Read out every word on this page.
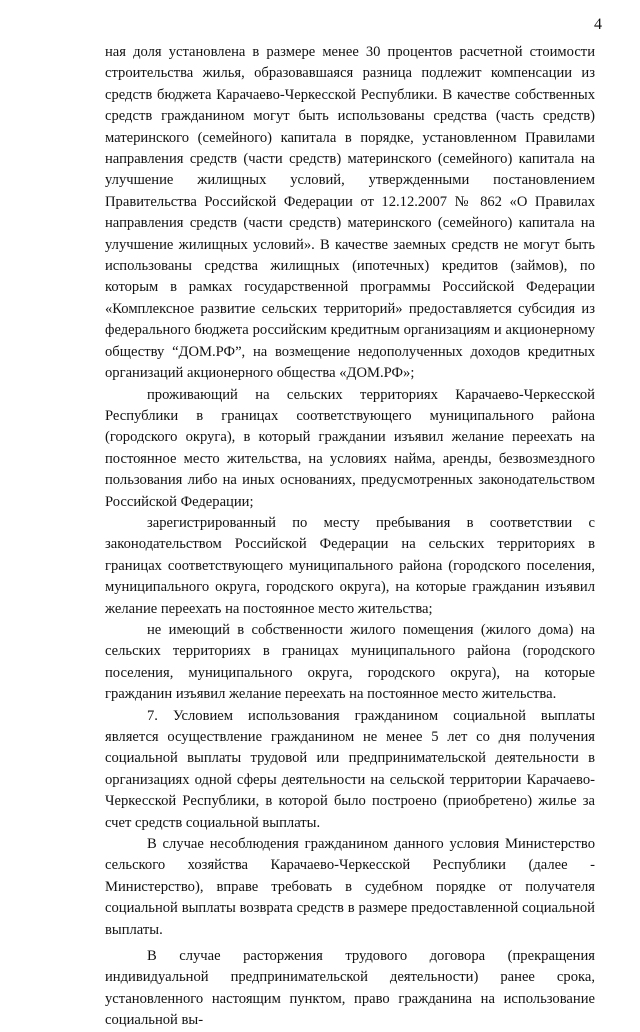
4

ная доля установлена в размере менее 30 процентов расчетной стоимости строительства жилья, образовавшаяся разница подлежит компенсации из средств бюджета Карачаево-Черкесской Республики. В качестве собственных средств гражданином могут быть использованы средства (часть средств) материнского (семейного) капитала в порядке, установленном Правилами направления средств (части средств) материнского (семейного) капитала на улучшение жилищных условий, утвержденными постановлением Правительства Российской Федерации от 12.12.2007 № 862 «О Правилах направления средств (части средств) материнского (семейного) капитала на улучшение жилищных условий». В качестве заемных средств не могут быть использованы средства жилищных (ипотечных) кредитов (займов), по которым в рамках государственной программы Российской Федерации «Комплексное развитие сельских территорий» предоставляется субсидия из федерального бюджета российским кредитным организациям и акционерному обществу “ДОМ.РФ”, на возмещение недополученных доходов кредитных организаций акционерного общества «ДОМ.РФ»;

проживающий на сельских территориях Карачаево-Черкесской Республики в границах соответствующего муниципального района (городского округа), в который граждании изъявил желание переехать на постоянное место жительства, на условиях найма, аренды, безвозмездного пользования либо на иных основаниях, предусмотренных законодательством Российской Федерации;

зарегистрированный по месту пребывания в соответствии с законодательством Российской Федерации на сельских территориях в границах соответствующего муниципального района (городского поселения, муниципального округа, городского округа), на которые гражданин изъявил желание переехать на постоянное место жительства;

не имеющий в собственности жилого помещения (жилого дома) на сельских территориях в границах муниципального района (городского поселения, муниципального округа, городского округа), на которые гражданин изъявил желание переехать на постоянное место жительства.

7. Условием использования гражданином социальной выплаты является осуществление гражданином не менее 5 лет со дня получения социальной выплаты трудовой или предпринимательской деятельности в организациях одной сферы деятельности на сельской территории Карачаево-Черкесской Республики, в которой было построено (приобретено) жилье за счет средств социальной выплаты.

В случае несоблюдения гражданином данного условия Министерство сельского хозяйства Карачаево-Черкесской Республики (далее - Министерство), вправе требовать в судебном порядке от получателя социальной выплаты возврата средств в размере предоставленной социальной выплаты.

В случае расторжения трудового договора (прекращения индивидуальной предпринимательской деятельности) ранее срока, установленного настоящим пунктом, право гражданина на использование социальной вы-
